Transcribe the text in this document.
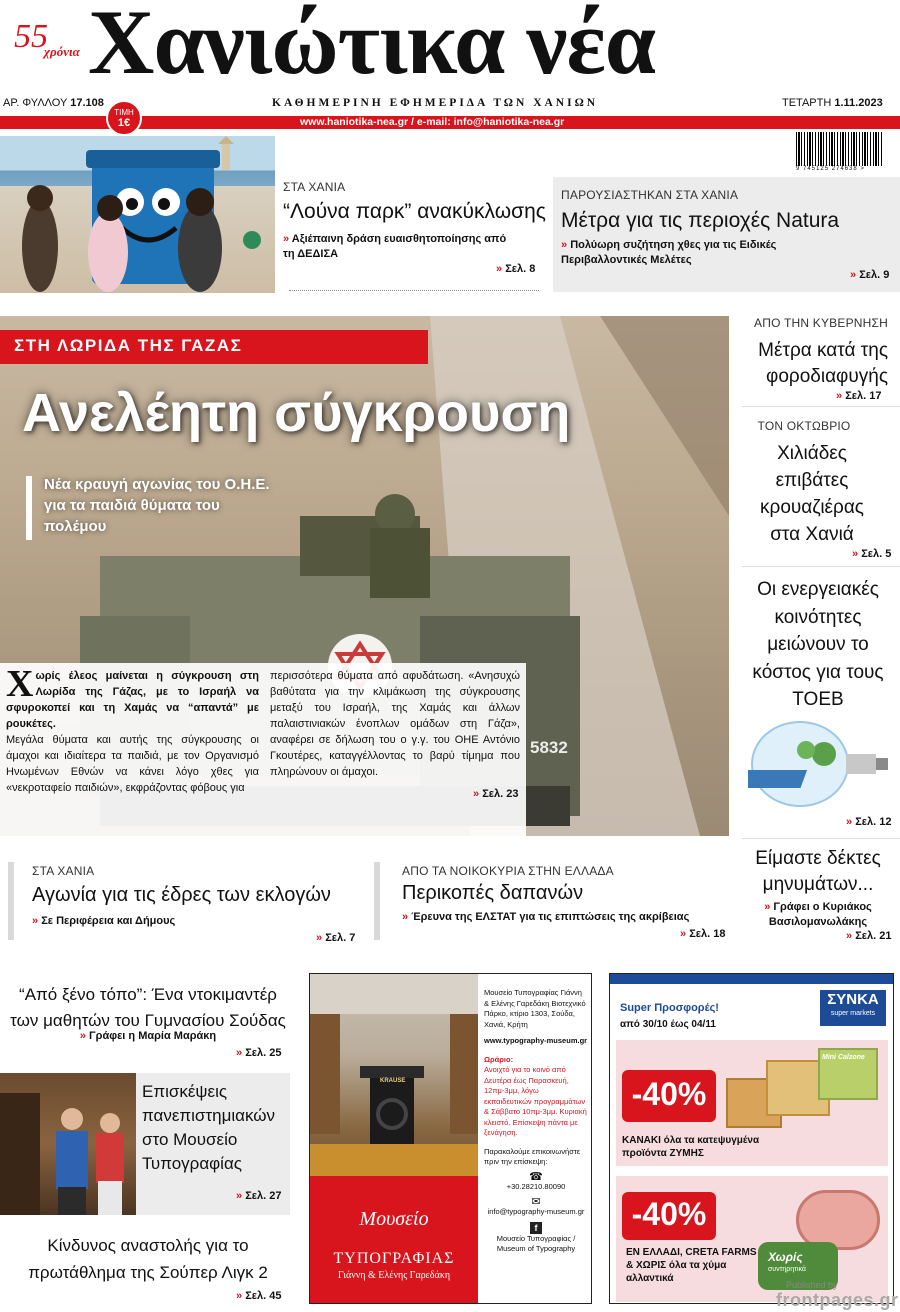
55
χρόνια Χανιώτικα νέα
ΑΡ. ΦΥΛΛΟΥ 17.108	ΚΑΘΗΜΕΡΙΝΗ ΕΦΗΜΕΡΙΔΑ ΤΩΝ ΧΑΝΙΩΝ	ΤΕΤΑΡΤΗ 1.11.2023
www.haniotika-nea.gr / e-mail: info@haniotika-nea.gr
ΤΙΜΗ
1€
9 745125 274638 >
ΣΤΑ ΧΑΝΙΑ
“Λούνα παρκ” ανακύκλωσης
» Αξιέπαινη δράση ευαισθητοποίησης από τη ΔΕΔΙΣΑ
» Σελ. 8
ΠΑΡΟΥΣΙΑΣΤΗΚΑΝ ΣΤΑ ΧΑΝΙΑ
Μέτρα για τις περιοχές Natura
» Πολύωρη συζήτηση χθες για τις Ειδικές Περιβαλλοντικές Μελέτες
» Σελ. 9
ΣΤΗ ΛΩΡΙΔΑ ΤΗΣ ΓΑΖΑΣ
Ανελέητη σύγκρουση
Νέα κραυγή αγωνίας του Ο.Η.Ε. για τα παιδιά θύματα του πολέμου
Χωρίς έλεος μαίνεται η σύγκρουση στη Λωρίδα της Γάζας, με το Ισραήλ να σφυροκοπεί και τη Χαμάς να “απαντά” με ρουκέτες.
Μεγάλα θύματα και αυτής της σύγκρουσης οι άμαχοι και ιδιαίτερα τα παιδιά, με τον Οργανισμό Ηνωμένων Εθνών να κάνει λόγο χθες για «νεκροταφείο παιδιών», εκφράζοντας φόβους για
περισσότερα θύματα από αφυδάτωση. «Ανησυχώ βαθύτατα για την κλιμάκωση της σύγκρουσης μεταξύ του Ισραήλ, της Χαμάς και άλλων παλαιστινιακών ένοπλων ομάδων στη Γάζα», αναφέρει σε δήλωση του ο γ.γ. του ΟΗΕ Αντόνιο Γκουτέρες, καταγγέλλοντας το βαρύ τίμημα που πληρώνουν οι άμαχοι.
» Σελ. 23
5832
ΑΠΟ ΤΗΝ ΚΥΒΕΡΝΗΣΗ
Μέτρα κατά της φοροδιαφυγής
» Σελ. 17
ΤΟΝ ΟΚΤΩΒΡΙΟ
Χιλιάδες επιβάτες κρουαζιέρας στα Χανιά
» Σελ. 5
Οι ενεργειακές κοινότητες μειώνουν το κόστος για τους ΤΟΕΒ
» Σελ. 12
Είμαστε δέκτες μηνυμάτων...
» Γράφει ο Κυριάκος Βασιλομανωλάκης
» Σελ. 21
ΣΤΑ ΧΑΝΙΑ
Αγωνία για τις έδρες των εκλογών
» Σε Περιφέρεια και Δήμους
» Σελ. 7
ΑΠΟ ΤΑ ΝΟΙΚΟΚΥΡΙΑ ΣΤΗΝ ΕΛΛΑΔΑ
Περικοπές δαπανών
» Έρευνα της ΕΛΣΤΑΤ για τις επιπτώσεις της ακρίβειας
» Σελ. 18
“Από ξένο τόπο”: Ένα ντοκιμαντέρ των μαθητών του Γυμνασίου Σούδας
» Γράφει η Μαρία Μαράκη
» Σελ. 25
Επισκέψεις πανεπιστημιακών στο Μουσείο Τυπογραφίας
» Σελ. 27
Κίνδυνος αναστολής για το πρωτάθλημα της Σούπερ Λιγκ 2
» Σελ. 45
KRAUSE
Μουσείο
ΤΥΠΟΓΡΑΦΙΑΣ
Γιάννη & Ελένης Γαρεδάκη
Μουσείο Τυπογραφίας Γιάννη & Ελένης Γαρεδάκη Βιοτεχνικό Πάρκο, κτίριο 1303, Σούδα, Χανιά, Κρήτη
www.typography-museum.gr
Ωράριο:
Ανοιχτό για το κοινό από Δευτέρα έως Παρασκευή, 12πμ-3μμ, λόγω εκπαιδευτικών προγραμμάτων & Σάββατο 10πμ-3μμ. Κυριακή κλειστό. Επίσκεψη πάντα με ξενάγηση.
Παρακαλούμε επικοινωνήστε πριν την επίσκεψη:
☎
+30.28210.80090
✉
info@typography-museum.gr
f
Μουσείο Τυπογραφίας / Museum of Typography
Super Προσφορές!
από 30/10 έως 04/11
ΣΥΝΚΑ
super markets
-40%
Mini Calzone
ΚΑΝΑΚΙ όλα τα κατεψυγμένα προϊόντα ΖΥΜΗΣ
-40%
ΕΝ ΕΛΛΑΔΙ, CRETA FARMS & ΧΩΡΙΣ όλα τα χύμα αλλαντικά
Χωρίς
συντηρητικά
Published by
frontpages.gr
